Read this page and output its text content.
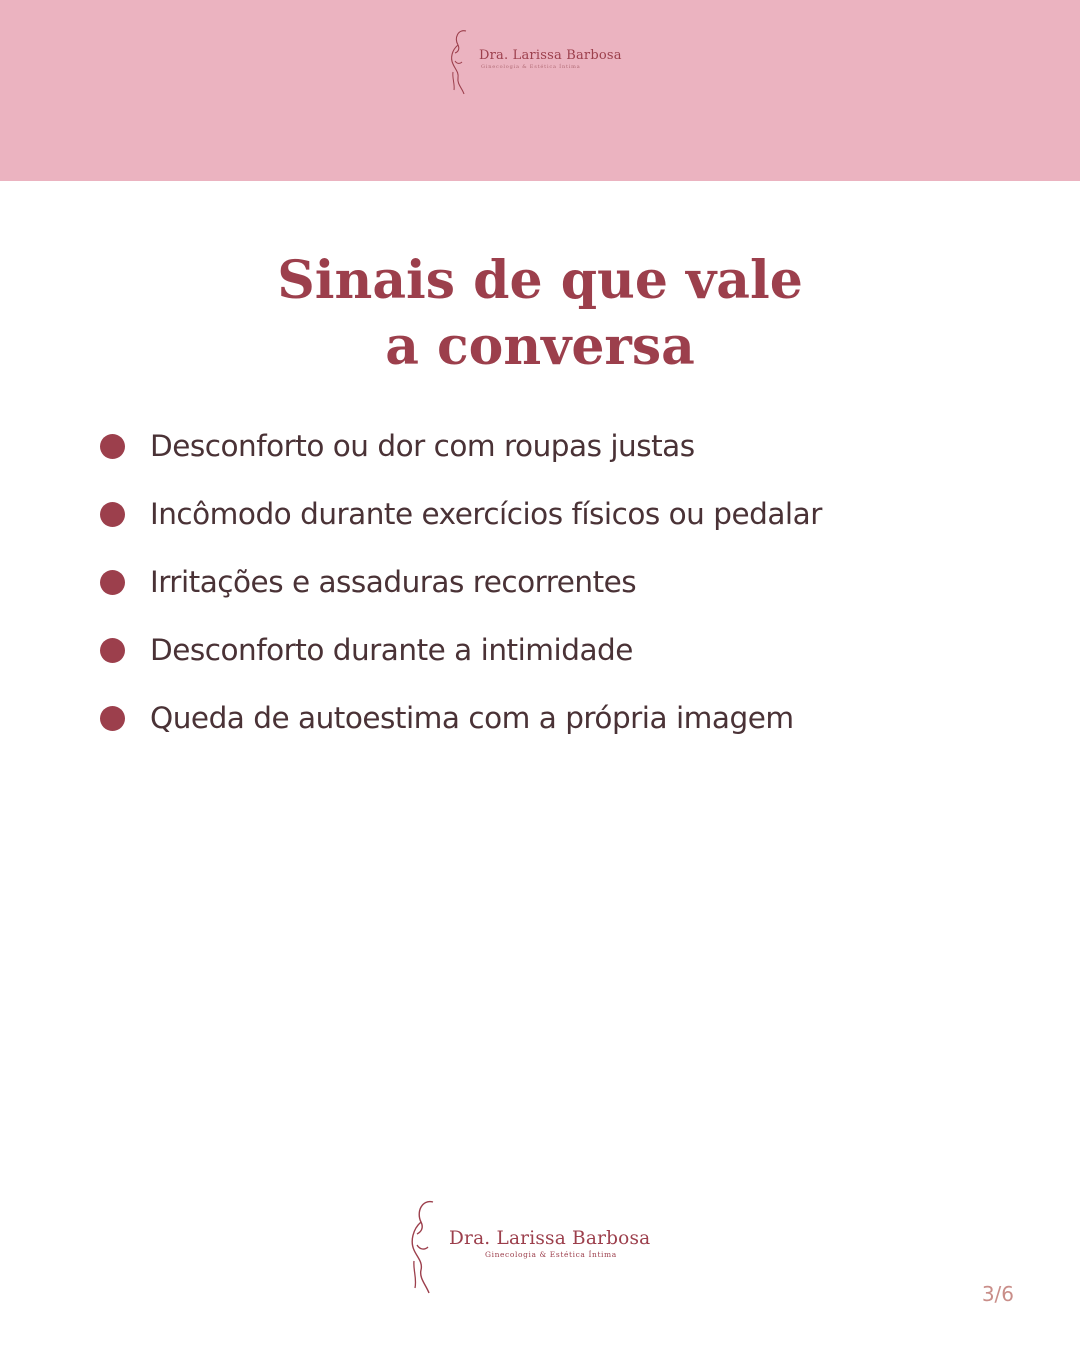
Dra. Larissa Barbosa
Ginecologia & Estética Íntima
Sinais de que vale
a conversa
Desconforto ou dor com roupas justas
Incômodo durante exercícios físicos ou pedalar
Irritações e assaduras recorrentes
Desconforto durante a intimidade
Queda de autoestima com a própria imagem
Dra. Larissa Barbosa
Ginecologia & Estética Íntima
3/6
